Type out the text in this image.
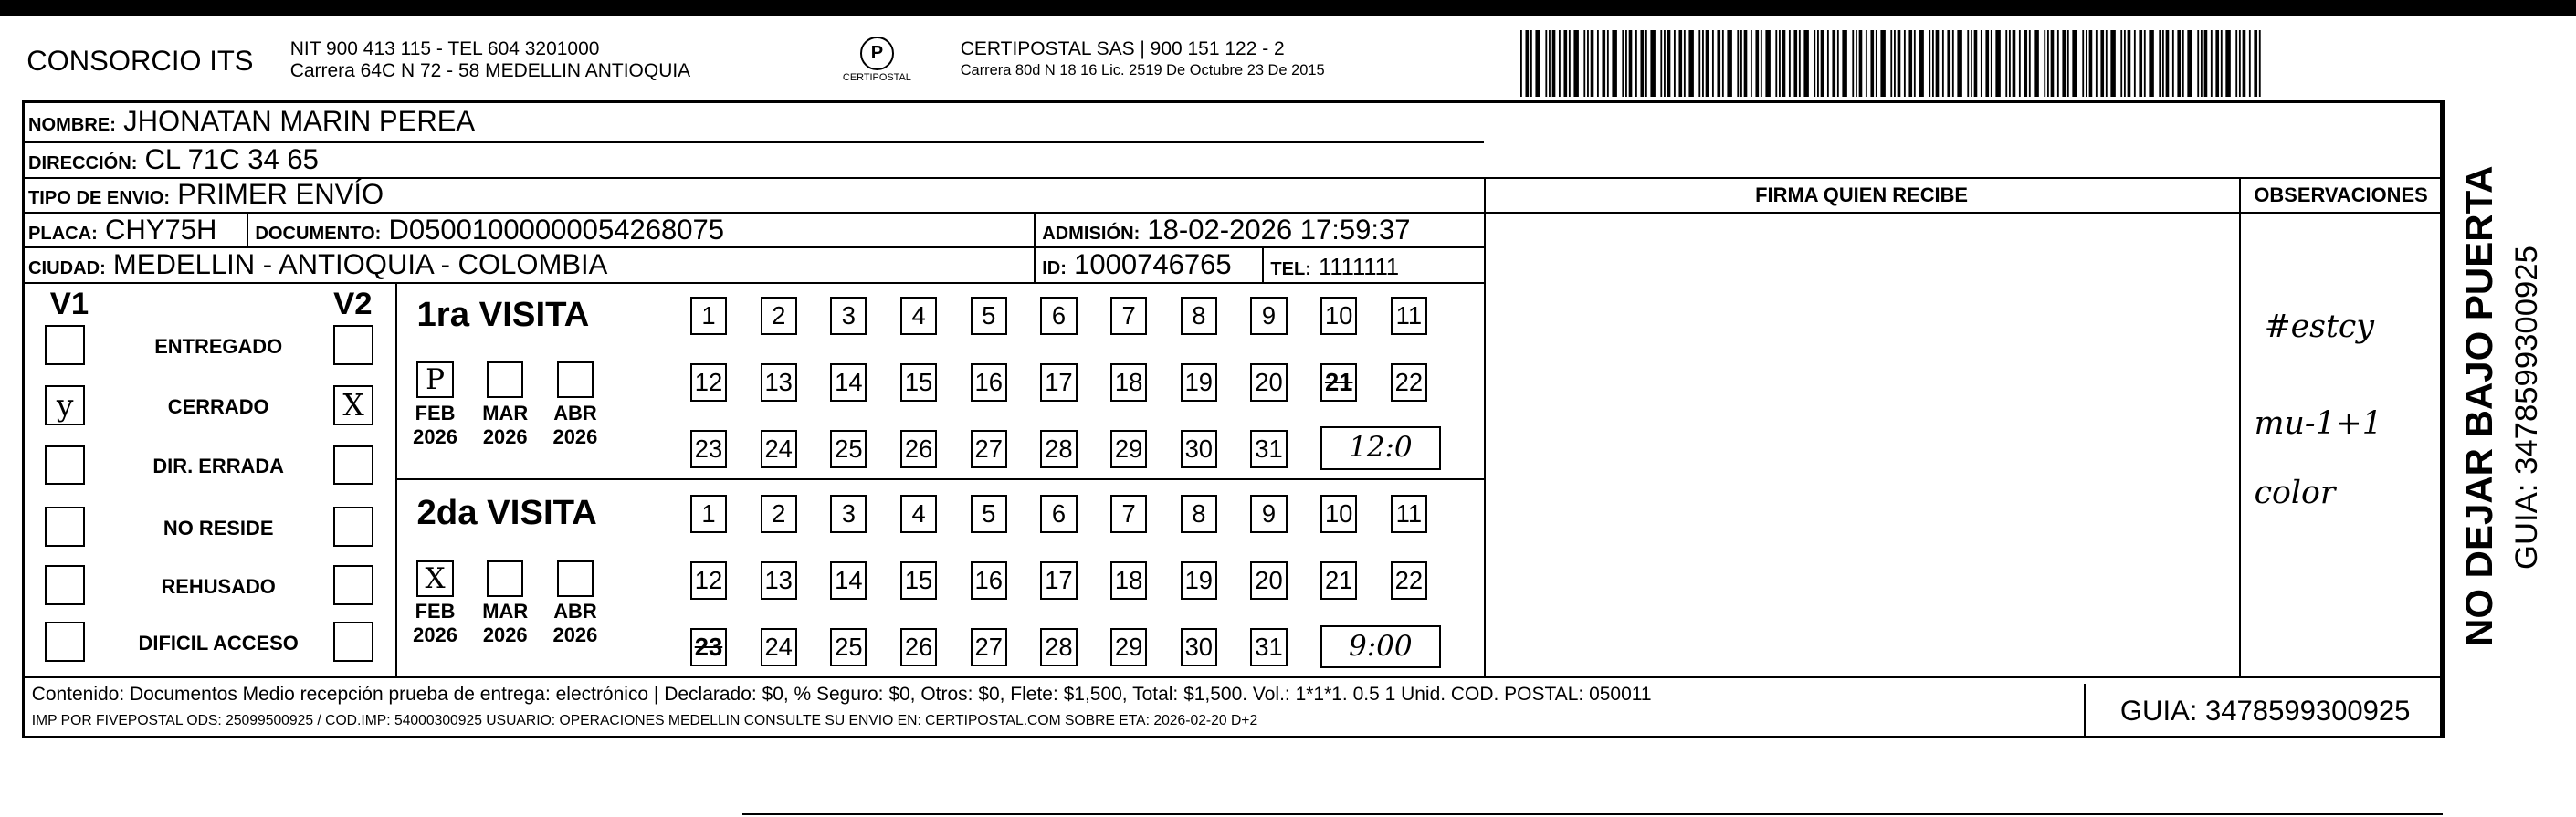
CONSORCIO ITS	NIT 900 413 115 - TEL 604 3201000
Carrera 64C N 72 - 58 MEDELLIN ANTIOQUIA
P
CERTIPOSTAL
CERTIPOSTAL SAS | 900 151 122 - 2
Carrera 80d N 18 16 Lic. 2519 De Octubre 23 De 2015
NOMBRE: JHONATAN MARIN PEREA
DIRECCIÓN: CL 71C 34 65
TIPO DE ENVIO: PRIMER ENVÍO
PLACA: CHY75H	DOCUMENTO: D05001000000054268075	ADMISIÓN: 18-02-2026 17:59:37
CIUDAD: MEDELLIN - ANTIOQUIA - COLOMBIA	ID: 1000746765	TEL: 1111111
V1	V2
FIRMA QUIEN RECIBE	OBSERVACIONES
#estcy
mu-1+1
color	NO DEJAR BAJO PUERTA GUIA: 3478599300925
Contenido: Documentos Medio recepción prueba de entrega: electrónico | Declarado: $0, % Seguro: $0, Otros: $0, Flete: $1,500, Total: $1,500. Vol.: 1*1*1. 0.5 1 Unid. COD. POSTAL: 050011
IMP POR FIVEPOSTAL ODS: 25099500925 / COD.IMP: 54000300925 USUARIO: OPERACIONES MEDELLIN CONSULTE SU ENVIO EN: CERTIPOSTAL.COM SOBRE ETA: 2026-02-20 D+2	GUIA: 3478599300925
ENTREGADO
y	CERRADO	X
DIR. ERRADA
NO RESIDE
REHUSADO
DIFICIL ACCESO
1ra VISITA
P
FEB
2026
MAR
2026
ABR
2026
1	2	3	4	5	6	7	8	9	10	11
12	13	14	15	16	17	18	19	20	21	22
23	24	25	26	27	28	29	30	31	12:0
2da VISITA
X
FEB
2026
MAR
2026
ABR
2026
1	2	3	4	5	6	7	8	9	10	11
12	13	14	15	16	17	18	19	20	21	22
23	24	25	26	27	28	29	30	31	9:00
